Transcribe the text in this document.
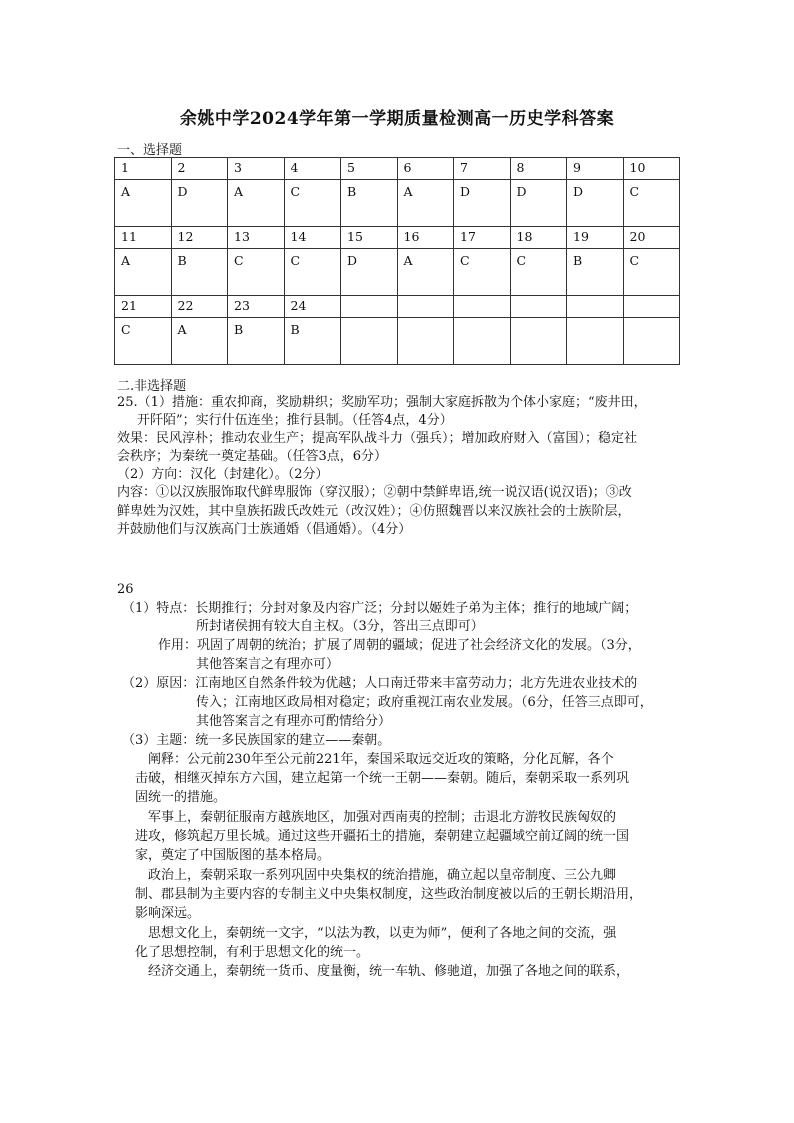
余姚中学2024学年第一学期质量检测高一历史学科答案
一、选择题
1	2	3	4	5	6	7	8	9	10
A	D	A	C	B	A	D	D	D	C
11	12	13	14	15	16	17	18	19	20
A	B	C	C	D	A	C	C	B	C
21	22	23	24						
C	A	B	B						
二.非选择题
25.（1）措施：重农抑商，奖励耕织；奖励军功；强制大家庭拆散为个体小家庭；“废井田，
开阡陌”；实行什伍连坐；推行县制。（任答4点，4分）
效果：民风淳朴；推动农业生产；提高军队战斗力（强兵）；增加政府财入（富国）；稳定社
会秩序；为秦统一奠定基础。（任答3点，6分）
（2）方向：汉化（封建化）。（2分）
内容：①以汉族服饰取代鲜卑服饰（穿汉服）；②朝中禁鲜卑语,统一说汉语(说汉语)；③改
鲜卑姓为汉姓，其中皇族拓跋氏改姓元（改汉姓）；④仿照魏晋以来汉族社会的士族阶层，
并鼓励他们与汉族高门士族通婚（倡通婚）。（4分）
26
（1）特点：长期推行；分封对象及内容广泛；分封以姬姓子弟为主体；推行的地域广阔；
所封诸侯拥有较大自主权。（3分，答出三点即可）
作用：巩固了周朝的统治；扩展了周朝的疆域；促进了社会经济文化的发展。（3分，
其他答案言之有理亦可）
（2）原因：江南地区自然条件较为优越；人口南迁带来丰富劳动力；北方先进农业技术的
传入；江南地区政局相对稳定；政府重视江南农业发展。（6分，任答三点即可，
其他答案言之有理亦可酌情给分）
（3）主题：统一多民族国家的建立——秦朝。
阐释：公元前230年至公元前221年，秦国采取远交近攻的策略，分化瓦解，各个
击破，相继灭掉东方六国，建立起第一个统一王朝——秦朝。随后，秦朝采取一系列巩
固统一的措施。
军事上，秦朝征服南方越族地区，加强对西南夷的控制；击退北方游牧民族匈奴的
进攻，修筑起万里长城。通过这些开疆拓土的措施，秦朝建立起疆域空前辽阔的统一国
家，奠定了中国版图的基本格局。
政治上，秦朝采取一系列巩固中央集权的统治措施，确立起以皇帝制度、三公九卿
制、郡县制为主要内容的专制主义中央集权制度，这些政治制度被以后的王朝长期沿用，
影响深远。
思想文化上，秦朝统一文字，“以法为教，以吏为师”，便利了各地之间的交流，强
化了思想控制，有利于思想文化的统一。
经济交通上，秦朝统一货币、度量衡，统一车轨、修驰道，加强了各地之间的联系，
